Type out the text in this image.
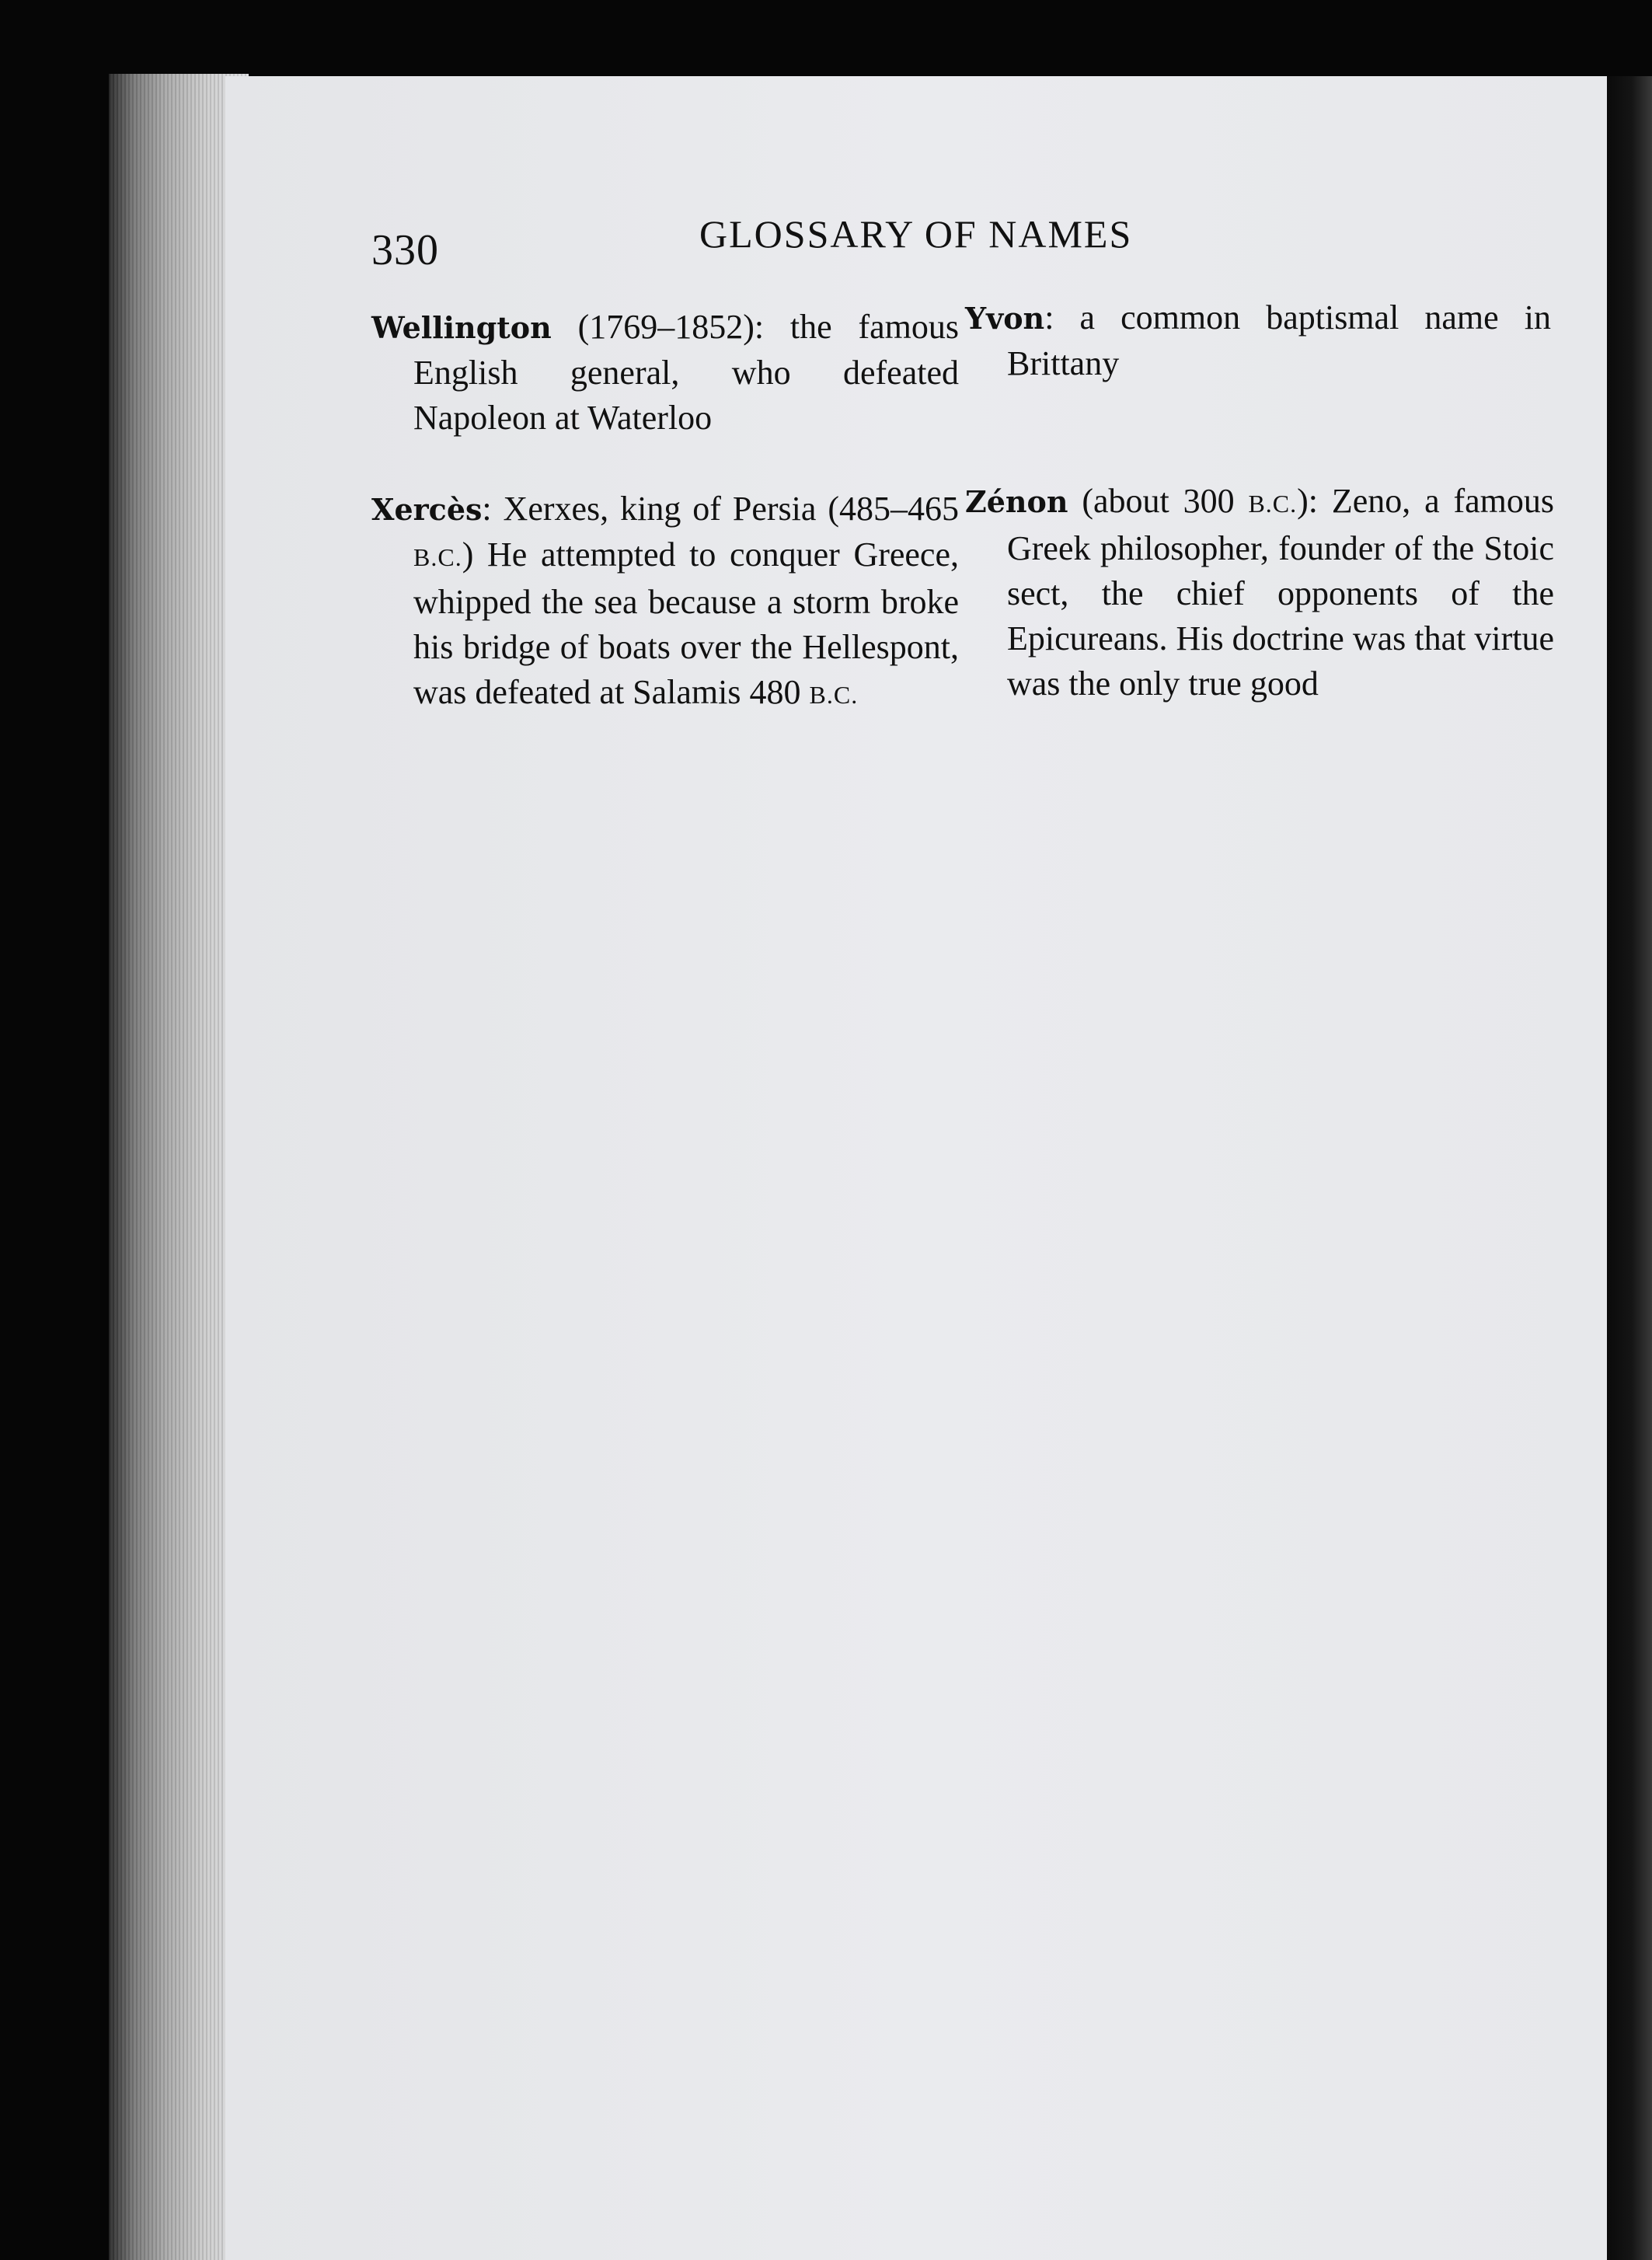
330	GLOSSARY OF NAMES

Wellington (1769–1852): the famous English general, who defeated Napoleon at Waterloo

Xercès: Xerxes, king of Persia (485–465 B.C.) He attempted to conquer Greece, whipped the sea because a storm broke his bridge of boats over the Hellespont, was defeated at Salamis 480 B.C.

Yvon: a common baptismal name in Brittany

Zénon (about 300 B.C.): Zeno, a famous Greek philosopher, founder of the Stoic sect, the chief opponents of the Epicureans. His doctrine was that virtue was the only true good
